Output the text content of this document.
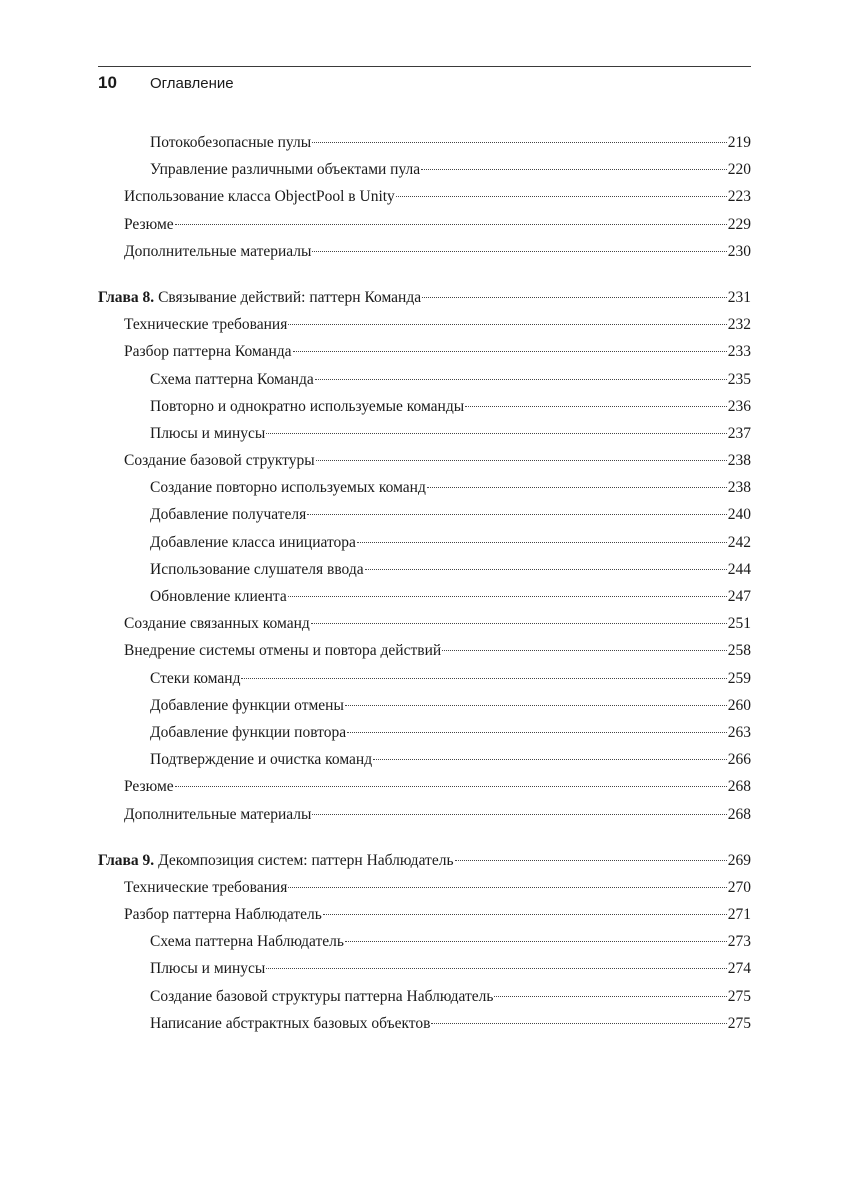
10 Оглавление
Потокобезопасные пулы	219
Управление различными объектами пула	220
Использование класса ObjectPool в Unity	223
Резюме	229
Дополнительные материалы	230
Глава 8. Связывание действий: паттерн Команда	231
Технические требования	232
Разбор паттерна Команда	233
Схема паттерна Команда	235
Повторно и однократно используемые команды	236
Плюсы и минусы	237
Создание базовой структуры	238
Создание повторно используемых команд	238
Добавление получателя	240
Добавление класса инициатора	242
Использование слушателя ввода	244
Обновление клиента	247
Создание связанных команд	251
Внедрение системы отмены и повтора действий	258
Стеки команд	259
Добавление функции отмены	260
Добавление функции повтора	263
Подтверждение и очистка команд	266
Резюме	268
Дополнительные материалы	268
Глава 9. Декомпозиция систем: паттерн Наблюдатель	269
Технические требования	270
Разбор паттерна Наблюдатель	271
Схема паттерна Наблюдатель	273
Плюсы и минусы	274
Создание базовой структуры паттерна Наблюдатель	275
Написание абстрактных базовых объектов	275
